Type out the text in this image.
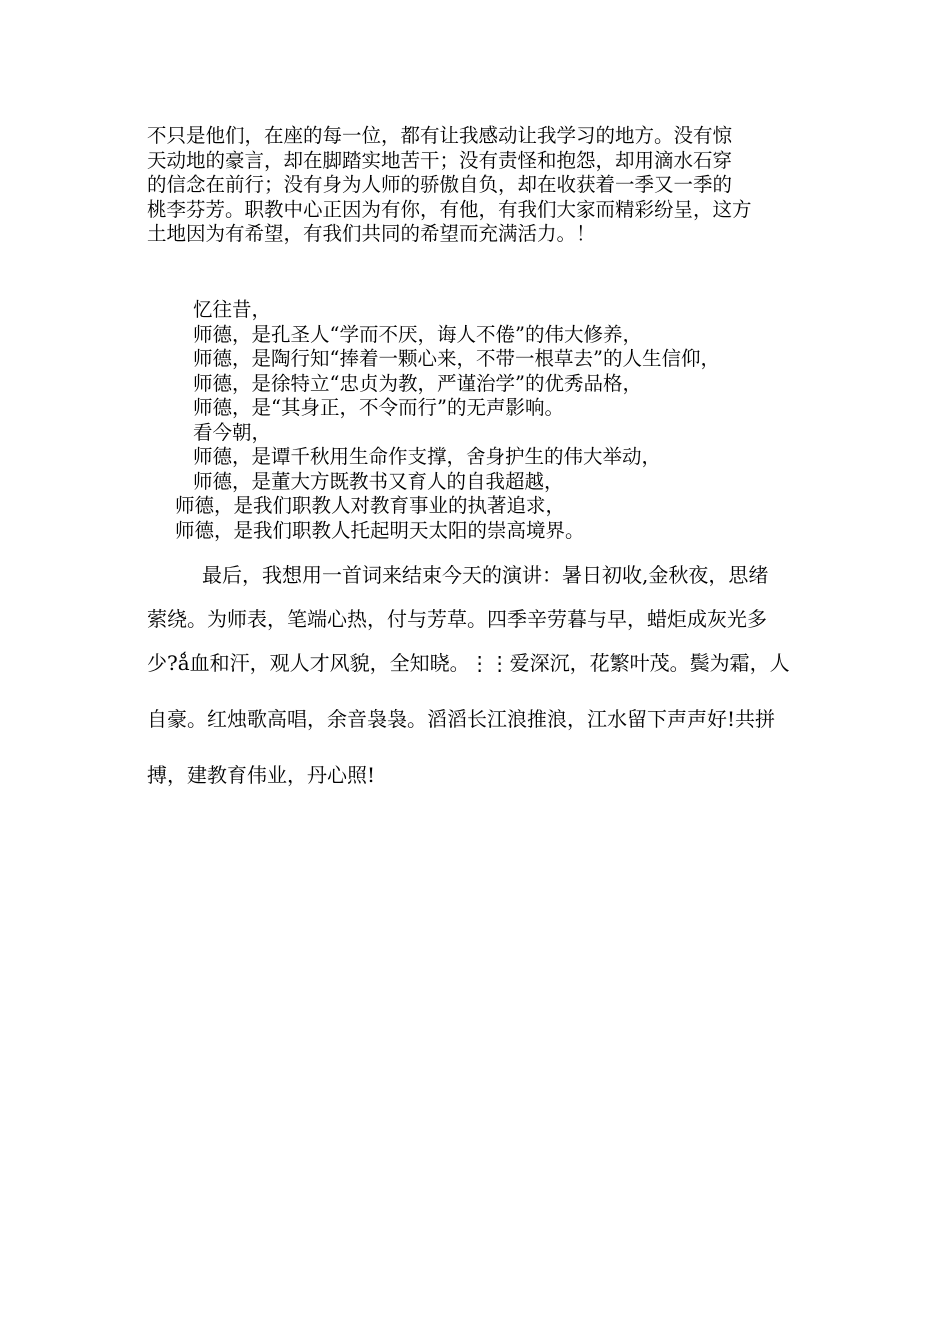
不只是他们，在座的每一位，都有让我感动让我学习的地方。没有惊
天动地的豪言，却在脚踏实地苦干；没有责怪和抱怨，却用滴水石穿
的信念在前行；没有身为人师的骄傲自负，却在收获着一季又一季的
桃李芬芳。职教中心正因为有你，有他，有我们大家而精彩纷呈，这方
土地因为有希望，有我们共同的希望而充满活力。！

忆往昔，
师德，是孔圣人“学而不厌，诲人不倦”的伟大修养，
师德，是陶行知“捧着一颗心来，不带一根草去”的人生信仰，
师德，是徐特立“忠贞为教，严谨治学”的优秀品格，
师德，是“其身正，不令而行”的无声影响。
看今朝，
师德，是谭千秋用生命作支撑，舍身护生的伟大举动，
师德，是董大方既教书又育人的自我超越，
师德，是我们职教人对教育事业的执著追求，
师德，是我们职教人托起明天太阳的崇高境界。

最后，我想用一首词来结束今天的演讲：暑日初收,金秋夜，思绪
萦绕。为师表，笔端心热，付与芳草。四季辛劳暮与早，蜡炬成灰光多
少?ǻ血和汗，观人才风貌，全知晓。⋮⋮爱深沉，花繁叶茂。鬓为霜，人
自豪。红烛歌高唱，余音袅袅。滔滔长江浪推浪，江水留下声声好!共拼
搏，建教育伟业，丹心照!
